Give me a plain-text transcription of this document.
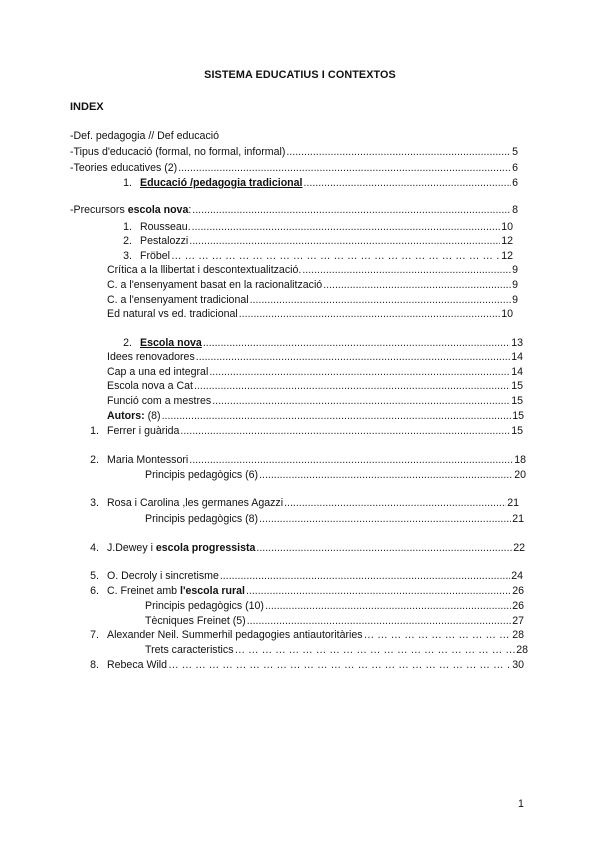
SISTEMA EDUCATIUS I CONTEXTOS
INDEX
-Def. pedagogia // Def educació
-Tipus d'educació (formal, no formal, informal) .....	5
-Teories educatives (2) .....	6
1. Educació /pedagogia tradicional .....	6
-Precursors escola nova: .....	8
1. Rousseau. .....	10
2. Pestalozzi .....	12
3. Fröbel … … … … … … … … … … … … … … … … … … … … … … … … … … … … … … … … … … … … … … … … … … … … … … … … … …	12
Crítica a la llibertat i descontextualització. .....	9
C. a l'ensenyament basat en la racionalització .....	9
C. a l'ensenyament tradicional .....	9
Ed natural vs ed. tradicional .....	10
2. Escola nova .....	13
Idees renovadores .....	14
Cap a una ed integral .....	14
Escola nova a Cat .....	15
Funció com a mestres .....	15
Autors: (8) .....	15
1. Ferrer i guàrida .....	15
2. Maria Montessori .....	18
Principis pedagògics (6) .....	20
3. Rosa i Carolina ,les germanes Agazzi .....	21
Principis pedagògics (8) .....	21
4. J.Dewey i escola progressista .....	22
5. O. Decroly i sincretisme .....	24
6. C. Freinet amb l'escola rural .....	26
Principis pedagògics (10) .....	26
Tècniques Freinet (5) .....	27
7. Alexander Neil. Summerhil pedagogies antiautoritàries … … … … … … … … … … … … … … … … … … … … … … … … … … … … … … … … … … … … … … … … … … … … … … … … … …	28
Trets caracteristics … … … … … … … … … … … … … … … … … … … … … … … … … … … … … … … … … … … … … … … … … … … … … … … … … …	28
8. Rebeca Wild … … … … … … … … … … … … … … … … … … … … … … … … … … … … … … … … … … … … … … … … … … … … … … … … … …	30
1
